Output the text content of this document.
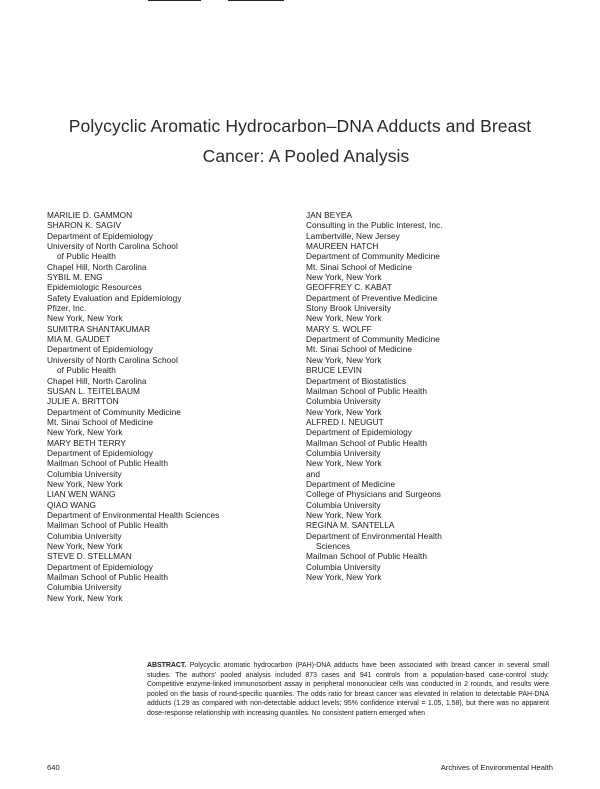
Polycyclic Aromatic Hydrocarbon–DNA Adducts and Breast
Cancer: A Pooled Analysis
MARILIE D. GAMMON
SHARON K. SAGIV
Department of Epidemiology
University of North Carolina School
of Public Health
Chapel Hill, North Carolina
SYBIL M. ENG
Epidemiologic Resources
Safety Evaluation and Epidemiology
Pfizer, Inc.
New York, New York
SUMITRA SHANTAKUMAR
MIA M. GAUDET
Department of Epidemiology
University of North Carolina School
of Public Health
Chapel Hill, North Carolina
SUSAN L. TEITELBAUM
JULIE A. BRITTON
Department of Community Medicine
Mt. Sinai School of Medicine
New York, New York
MARY BETH TERRY
Department of Epidemiology
Mailman School of Public Health
Columbia University
New York, New York
LIAN WEN WANG
QIAO WANG
Department of Environmental Health Sciences
Mailman School of Public Health
Columbia University
New York, New York
STEVE D. STELLMAN
Department of Epidemiology
Mailman School of Public Health
Columbia University
New York, New York
JAN BEYEA
Consulting in the Public Interest, Inc.
Lambertville, New Jersey
MAUREEN HATCH
Department of Community Medicine
Mt. Sinai School of Medicine
New York, New York
GEOFFREY C. KABAT
Department of Preventive Medicine
Stony Brook University
New York, New York
MARY S. WOLFF
Department of Community Medicine
Mt. Sinai School of Medicine
New York, New York
BRUCE LEVIN
Department of Biostatistics
Mailman School of Public Health
Columbia University
New York, New York
ALFRED I. NEUGUT
Department of Epidemiology
Mailman School of Public Health
Columbia University
New York, New York
and
Department of Medicine
College of Physicians and Surgeons
Columbia University
New York, New York
REGINA M. SANTELLA
Department of Environmental Health
Sciences
Mailman School of Public Health
Columbia University
New York, New York
ABSTRACT. Polycyclic aromatic hydrocarbon (PAH)-DNA adducts have been associated with breast cancer in several small studies. The authors' pooled analysis included 873 cases and 941 controls from a population-based case-control study. Competitive enzyme-linked immunosorbent assay in peripheral mononuclear cells was conducted in 2 rounds, and results were pooled on the basis of round-specific quantiles. The odds ratio for breast cancer was elevated in relation to detectable PAH-DNA adducts (1.29 as compared with non-detectable adduct levels; 95% confidence interval = 1.05, 1.58), but there was no apparent dose-response relationship with increasing quantiles. No consistent pattern emerged when
640	Archives of Environmental Health
